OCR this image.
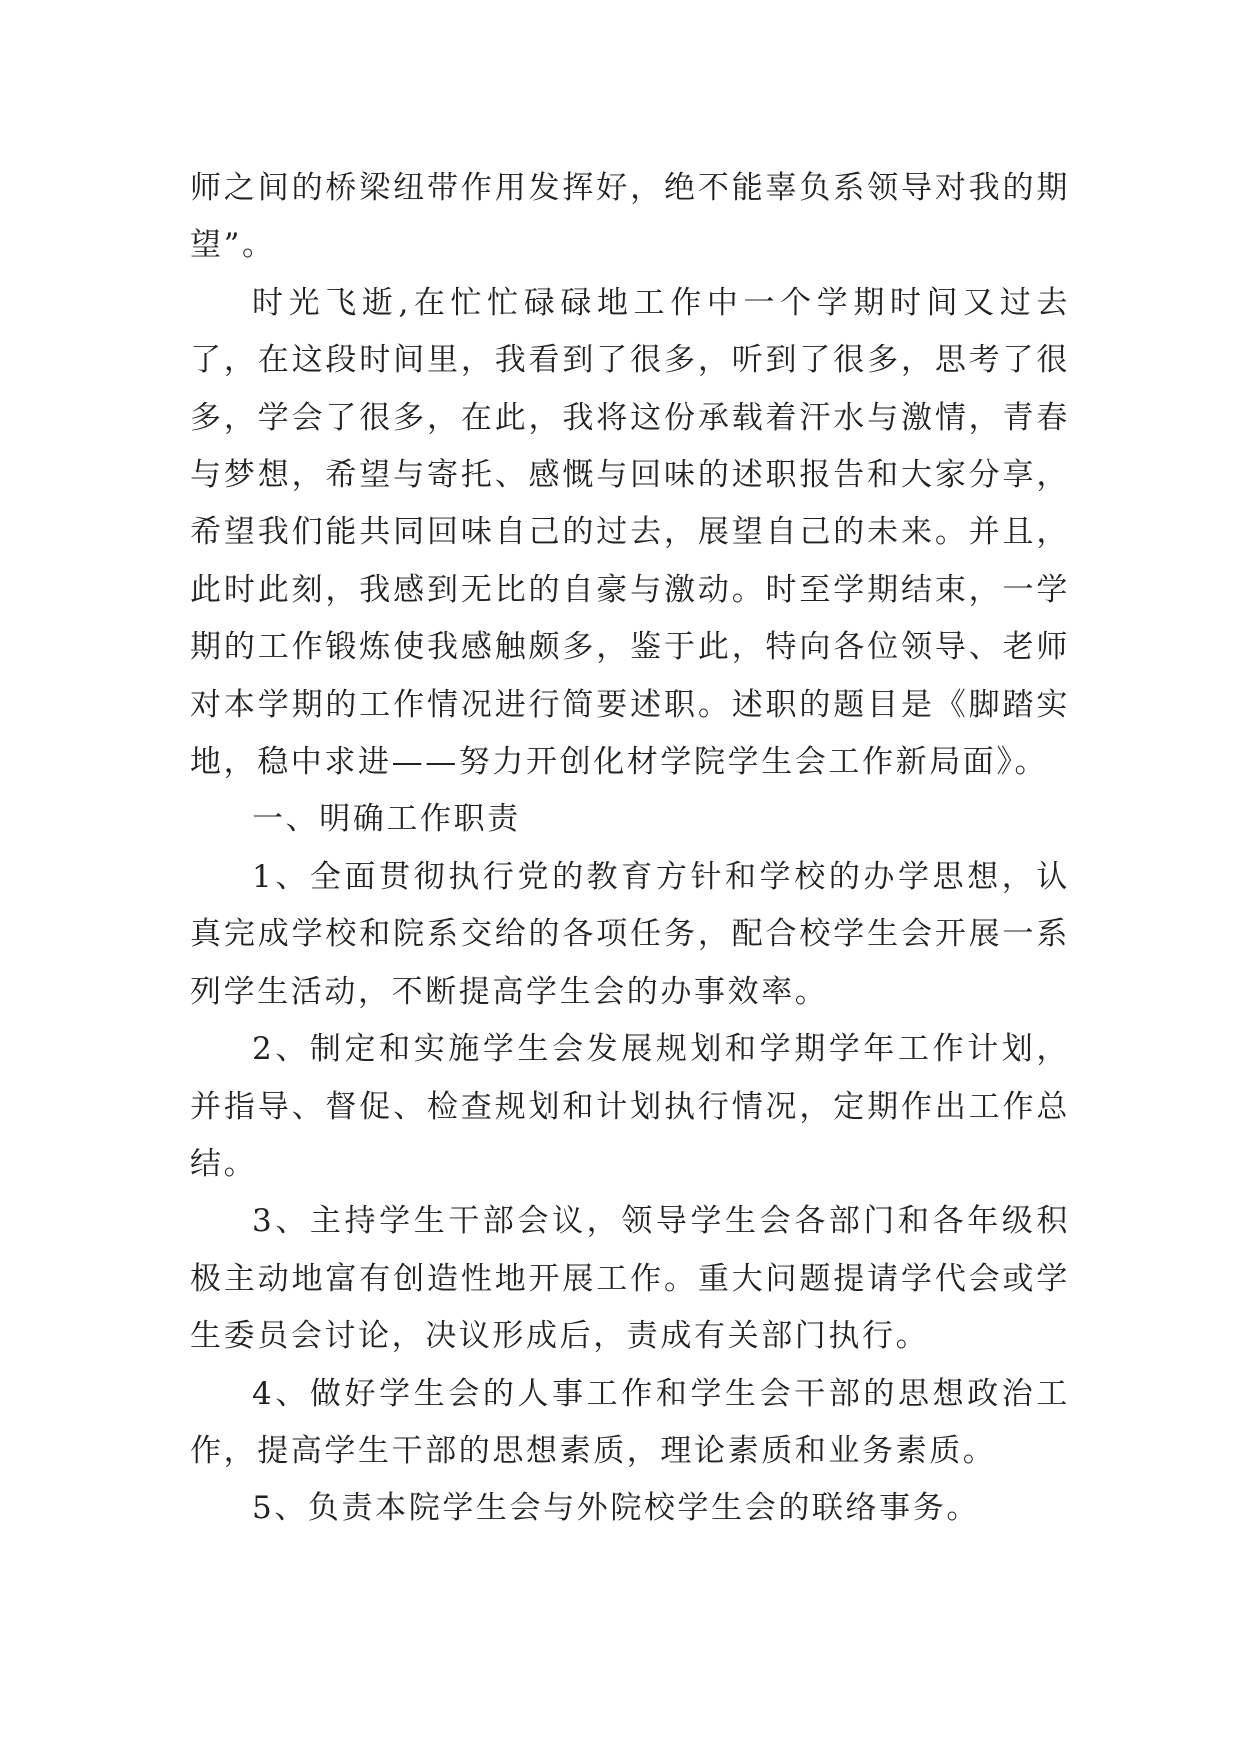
师之间的桥梁纽带作用发挥好，绝不能辜负系领导对我的期望”。

时光飞逝,在忙忙碌碌地工作中一个学期时间又过去了，在这段时间里，我看到了很多，听到了很多，思考了很多，学会了很多，在此，我将这份承载着汗水与激情，青春与梦想，希望与寄托、感慨与回味的述职报告和大家分享，希望我们能共同回味自己的过去，展望自己的未来。并且，此时此刻，我感到无比的自豪与激动。时至学期结束，一学期的工作锻炼使我感触颇多，鉴于此，特向各位领导、老师对本学期的工作情况进行简要述职。述职的题目是《脚踏实地，稳中求进——努力开创化材学院学生会工作新局面》。

一、明确工作职责

1、全面贯彻执行党的教育方针和学校的办学思想，认真完成学校和院系交给的各项任务，配合校学生会开展一系列学生活动，不断提高学生会的办事效率。

2、制定和实施学生会发展规划和学期学年工作计划，并指导、督促、检查规划和计划执行情况，定期作出工作总结。

3、主持学生干部会议，领导学生会各部门和各年级积极主动地富有创造性地开展工作。重大问题提请学代会或学生委员会讨论，决议形成后，责成有关部门执行。

4、做好学生会的人事工作和学生会干部的思想政治工作，提高学生干部的思想素质，理论素质和业务素质。

5、负责本院学生会与外院校学生会的联络事务。
